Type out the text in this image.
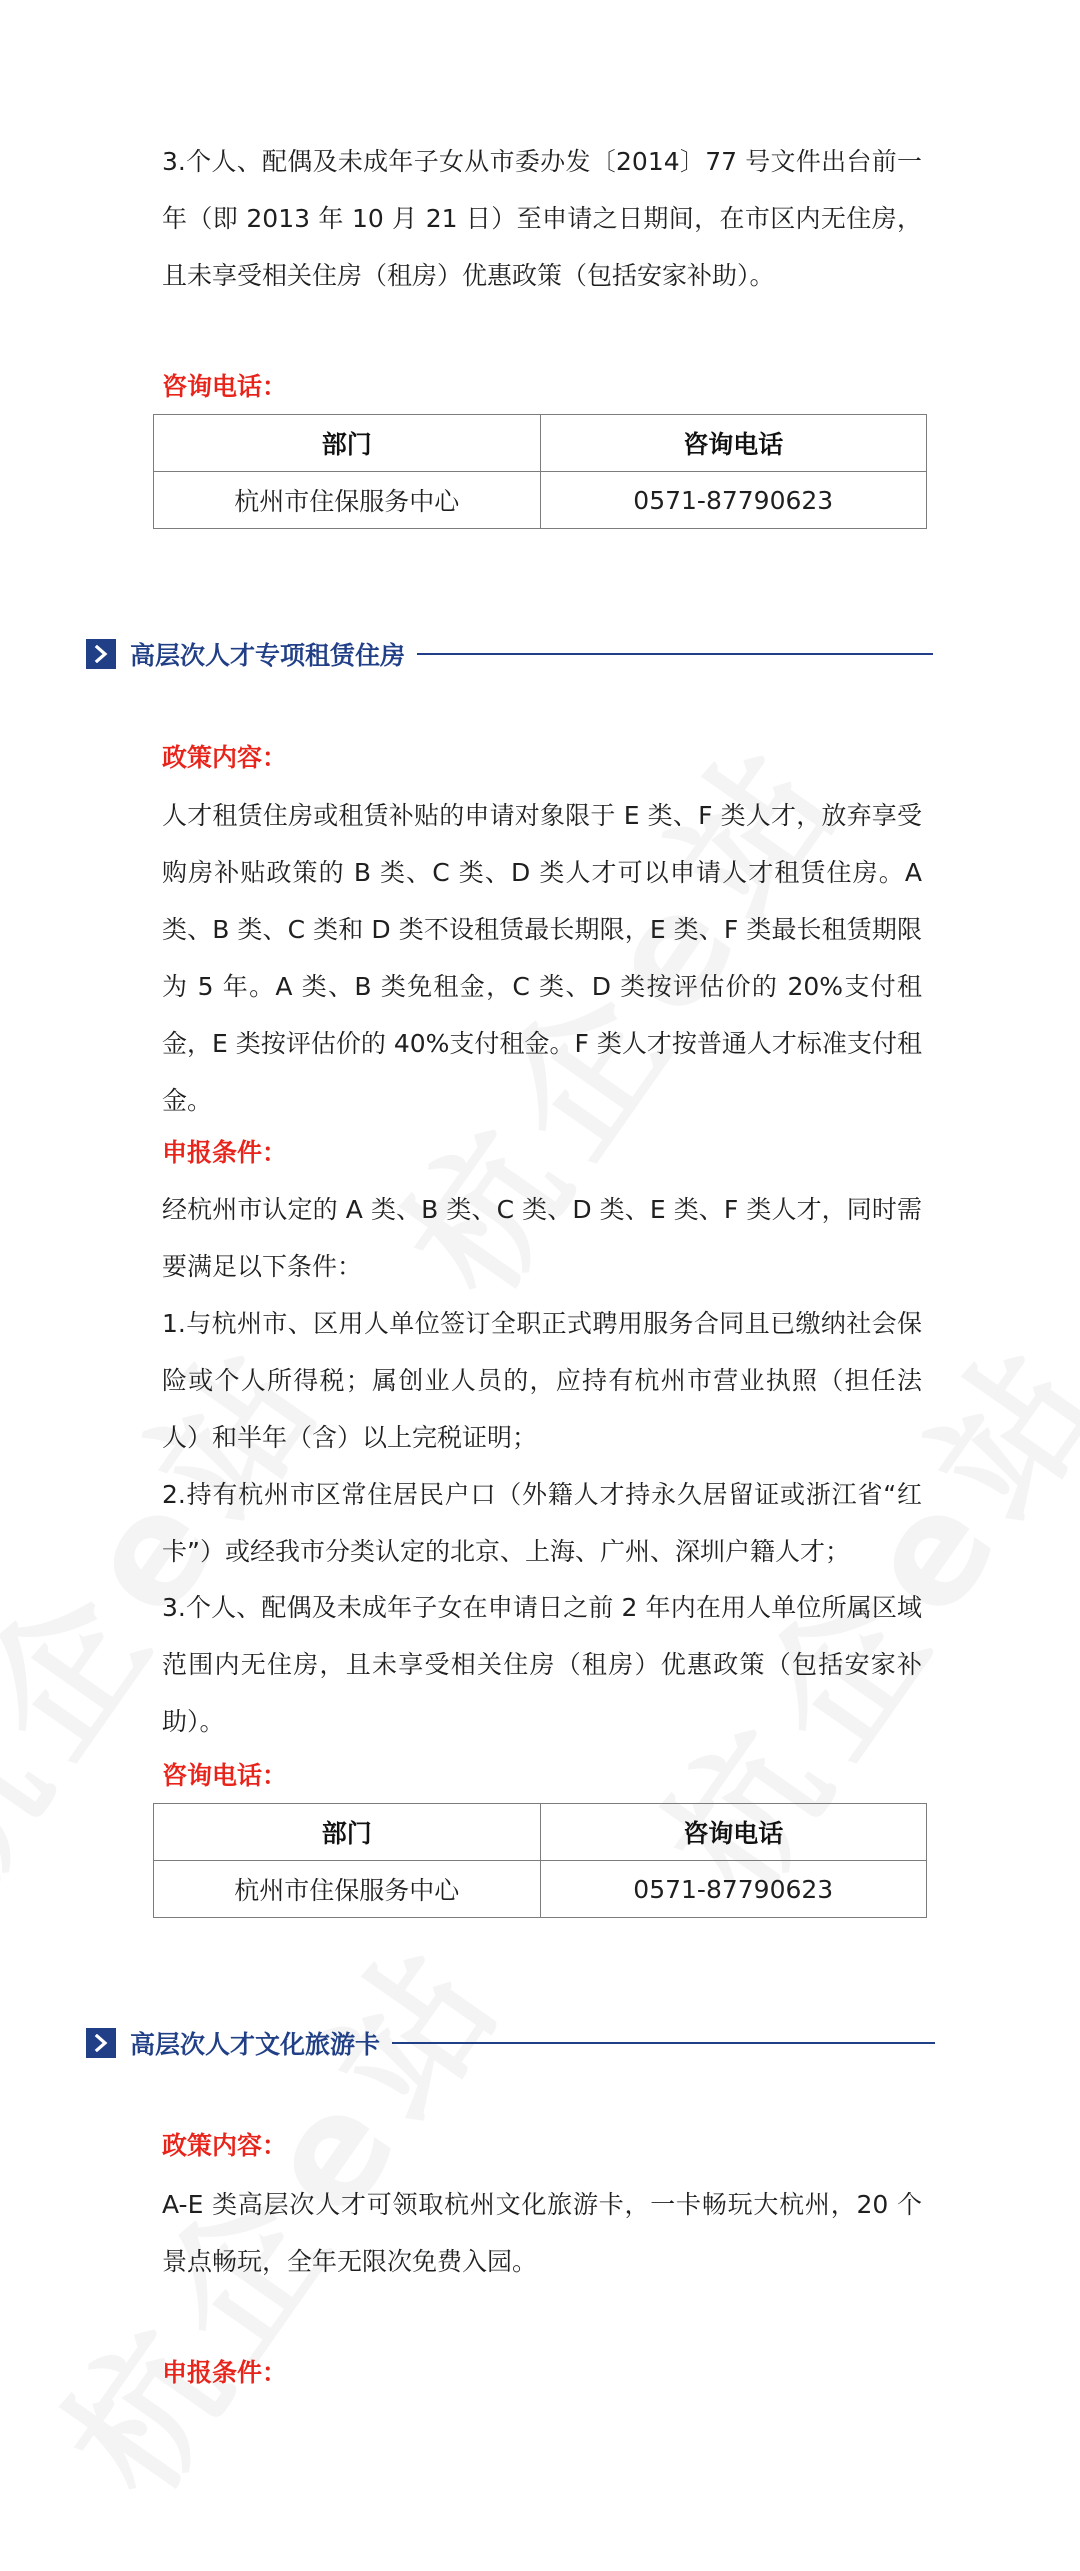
3.个人、配偶及未成年子女从市委办发〔2014〕77 号文件出台前一年（即 2013 年 10 月 21 日）至申请之日期间，在市区内无住房，且未享受相关住房（租房）优惠政策（包括安家补助）。

咨询电话：

部门	咨询电话
杭州市住保服务中心	0571-87790623
高层次人才专项租赁住房

政策内容：

人才租赁住房或租赁补贴的申请对象限于 E 类、F 类人才，放弃享受购房补贴政策的 B 类、C 类、D 类人才可以申请人才租赁住房。A 类、B 类、C 类和 D 类不设租赁最长期限，E 类、F 类最长租赁期限为 5 年。A 类、B 类免租金，C 类、D 类按评估价的 20%支付租金，E 类按评估价的 40%支付租金。F 类人才按普通人才标准支付租金。

申报条件：

经杭州市认定的 A 类、B 类、C 类、D 类、E 类、F 类人才，同时需要满足以下条件：

1.与杭州市、区用人单位签订全职正式聘用服务合同且已缴纳社会保险或个人所得税；属创业人员的，应持有杭州市营业执照（担任法人）和半年（含）以上完税证明；

2.持有杭州市区常住居民户口（外籍人才持永久居留证或浙江省“红卡”）或经我市分类认定的北京、上海、广州、深圳户籍人才；

3.个人、配偶及未成年子女在申请日之前 2 年内在用人单位所属区域范围内无住房，且未享受相关住房（租房）优惠政策（包括安家补助）。

咨询电话：

部门	咨询电话
杭州市住保服务中心	0571-87790623
高层次人才文化旅游卡

政策内容：

A-E 类高层次人才可领取杭州文化旅游卡，一卡畅玩大杭州，20 个景点畅玩，全年无限次免费入园。

申报条件：
